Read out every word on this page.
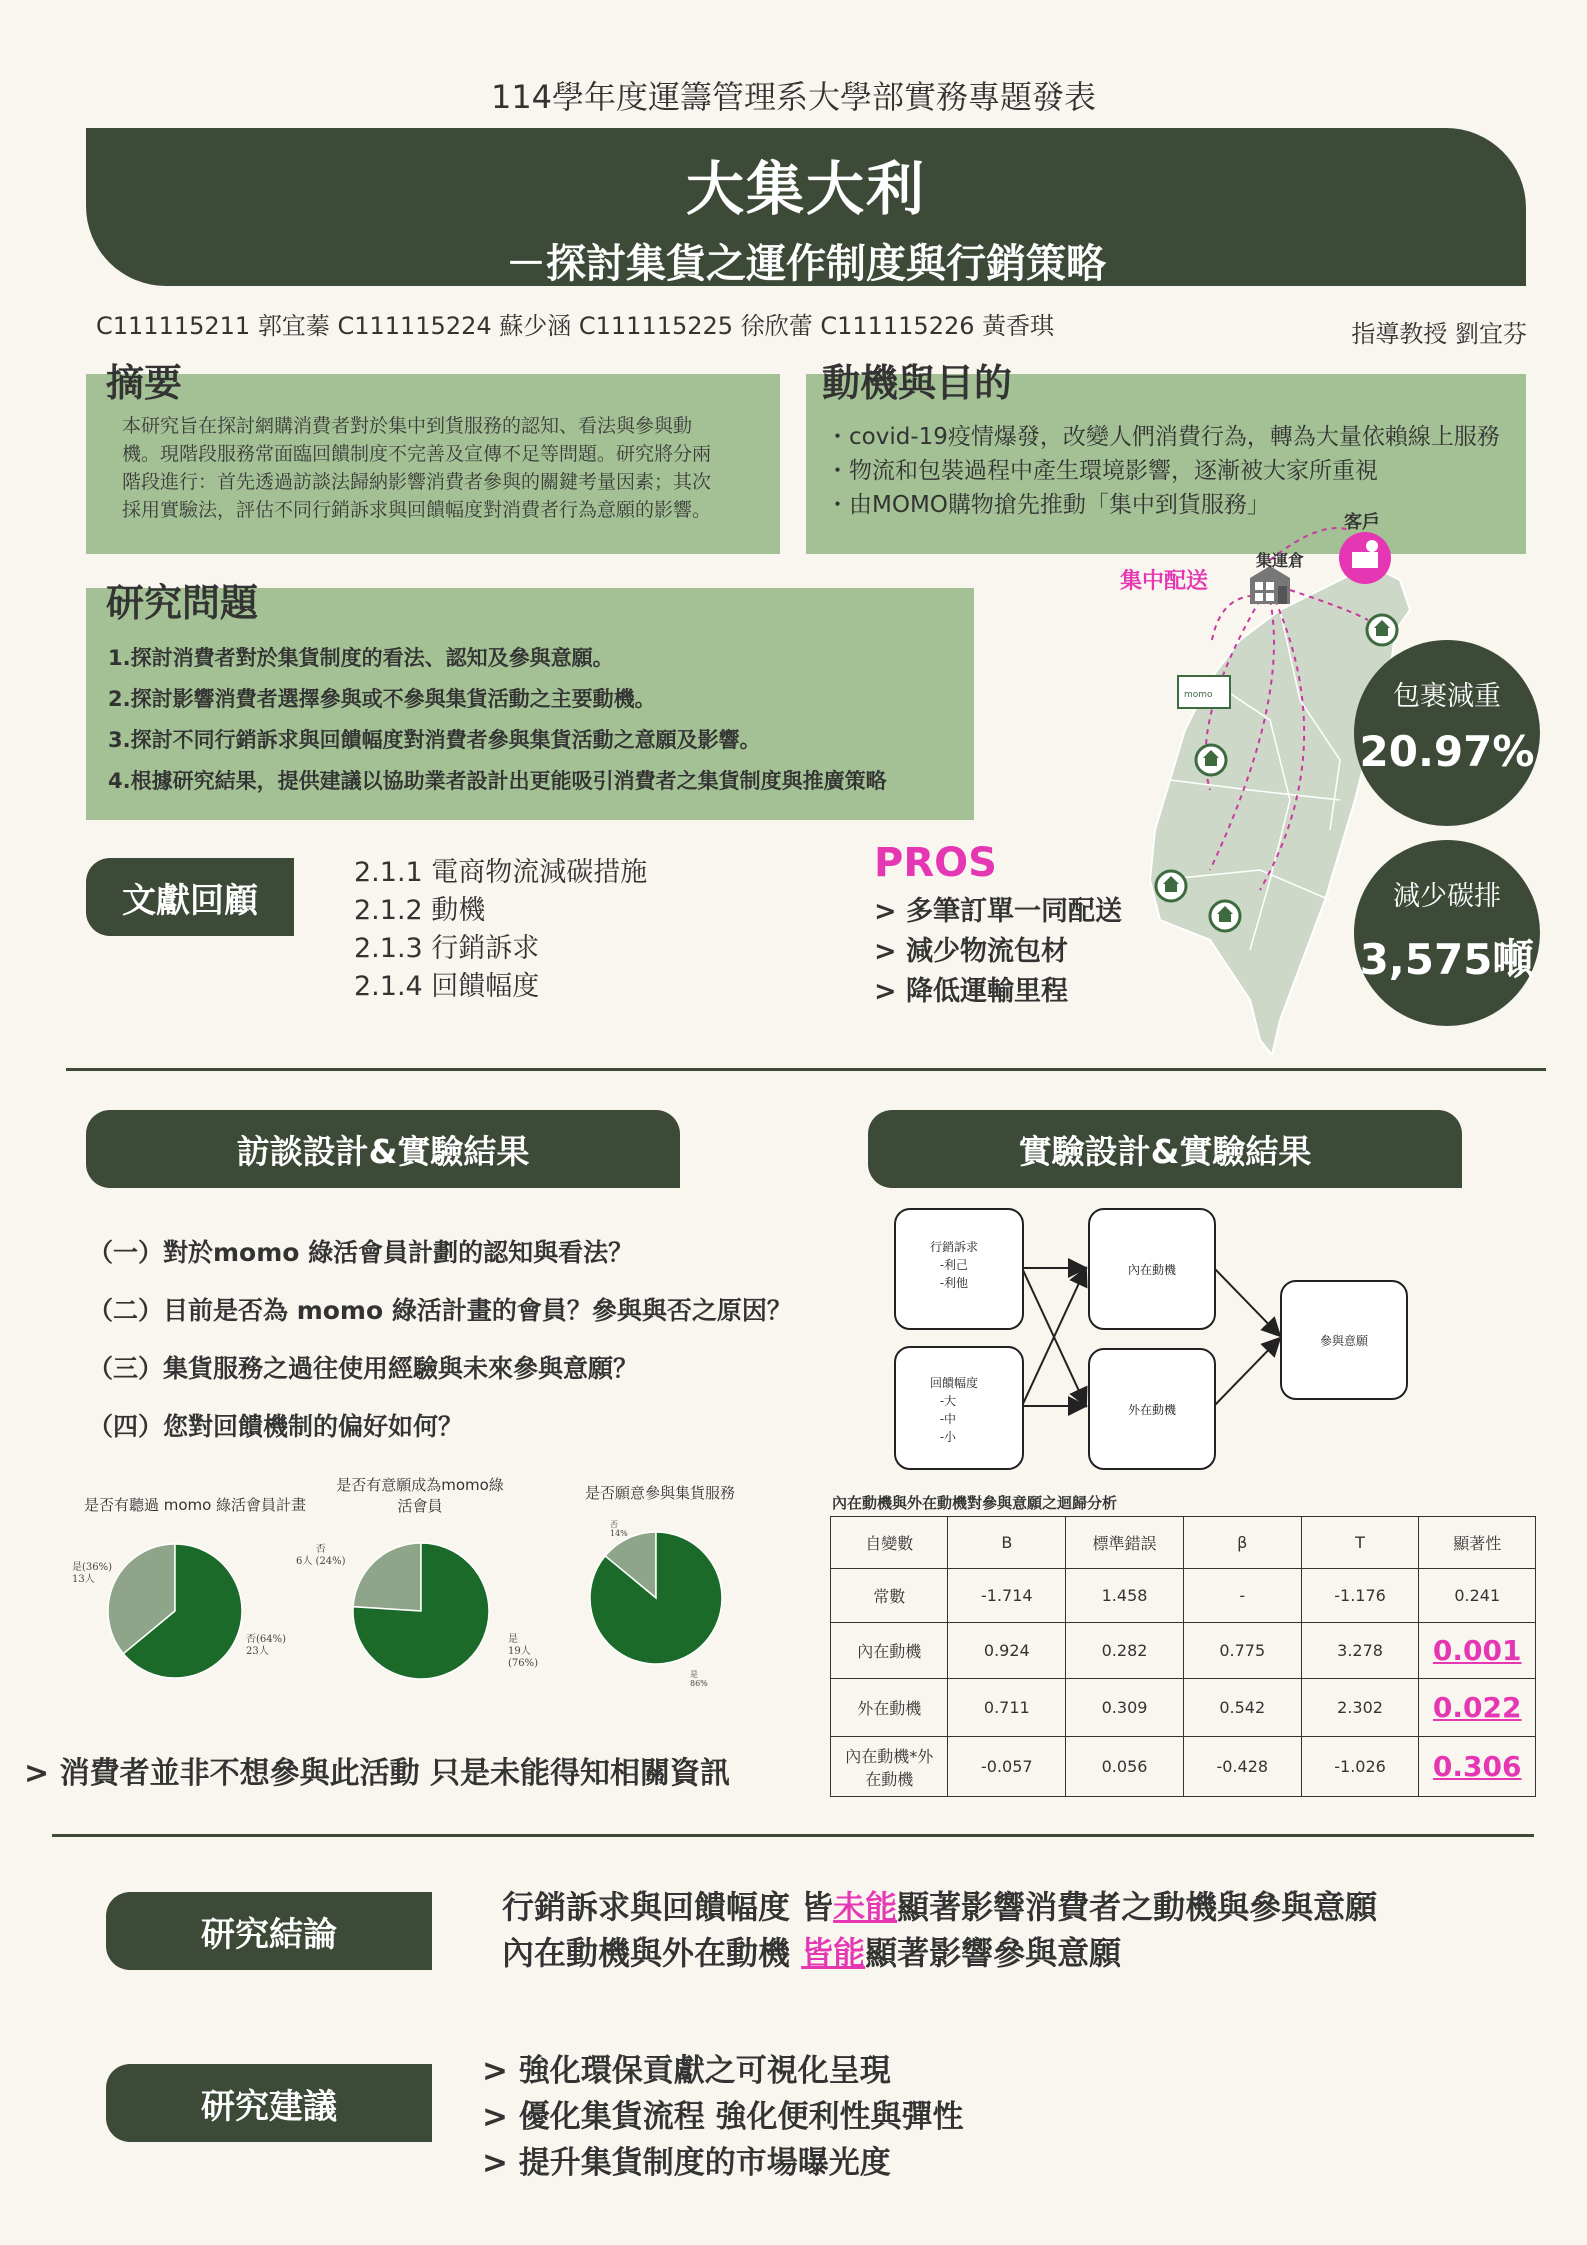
114學年度運籌管理系大學部實務專題發表
大集大利
－探討集貨之運作制度與行銷策略
C111115211 郭宜蓁 C111115224 蘇少涵 C111115225 徐欣蕾 C111115226 黃香琪	指導教授 劉宜芬
摘要
本研究旨在探討網購消費者對於集中到貨服務的認知、看法與參與動
機。現階段服務常面臨回饋制度不完善及宣傳不足等問題。研究將分兩
階段進行：首先透過訪談法歸納影響消費者參與的關鍵考量因素；其次
採用實驗法，評估不同行銷訴求與回饋幅度對消費者行為意願的影響。
動機與目的
・covid-19疫情爆發，改變人們消費行為，轉為大量依賴線上服務
・物流和包裝過程中產生環境影響，逐漸被大家所重視
・由MOMO購物搶先推動「集中到貨服務」
研究問題
1.探討消費者對於集貨制度的看法、認知及參與意願。
2.探討影響消費者選擇參與或不參與集貨活動之主要動機。
3.探討不同行銷訴求與回饋幅度對消費者參與集貨活動之意願及影響。
4.根據研究結果，提供建議以協助業者設計出更能吸引消費者之集貨制度與推廣策略
momo
客戶
集運倉
集中配送
包裹減重
20.97%
減少碳排
3,575噸
文獻回顧
2.1.1 電商物流減碳措施
2.1.2 動機
2.1.3 行銷訴求
2.1.4 回饋幅度
PROS
> 多筆訂單一同配送
> 減少物流包材
> 降低運輸里程
訪談設計&實驗結果
（一）對於momo 綠活會員計劃的認知與看法？
（二）目前是否為 momo 綠活計畫的會員？參與與否之原因？
（三）集貨服務之過往使用經驗與未來參與意願？
（四）您對回饋機制的偏好如何？
是否有聽過 momo 綠活會員計畫
是否有意願成為momo綠活會員
是否願意參與集貨服務
是(36%)
13人
否(64%)
23人
否
6人 (24%)
是
19人
(76%)
否
14%
是
86%
> 消費者並非不想參與此活動 只是未能得知相關資訊
實驗設計&實驗結果
行銷訴求
-利己
-利他
回饋幅度
-大
-中
-小
內在動機
外在動機
參與意願
內在動機與外在動機對參與意願之迴歸分析
自變數	B	標準錯誤	β	T	顯著性
常數	-1.714	1.458	-	-1.176	0.241
內在動機	0.924	0.282	0.775	3.278	0.001
外在動機	0.711	0.309	0.542	2.302	0.022
內在動機*外在動機	-0.057	0.056	-0.428	-1.026	0.306
研究結論
行銷訴求與回饋幅度 皆未能顯著影響消費者之動機與參與意願
內在動機與外在動機 皆能顯著影響參與意願
研究建議
> 強化環保貢獻之可視化呈現
> 優化集貨流程 強化便利性與彈性
> 提升集貨制度的市場曝光度
